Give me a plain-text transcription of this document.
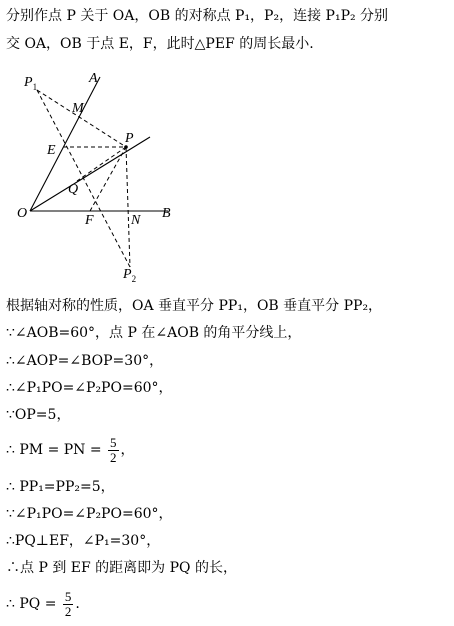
分别作点 P 关于 OA，OB 的对称点 P₁，P₂，连接 P₁P₂ 分别
交 OA，OB 于点 E，F，此时△PEF 的周长最小.
$P_1$
A
M
P
E
Q
O	F	N B
$P_2$
根据轴对称的性质，OA 垂直平分 PP₁，OB 垂直平分 PP₂，
∵∠AOB=60°，点 P 在∠AOB 的角平分线上，
∴∠AOP=∠BOP=30°，
∴∠P₁PO=∠P₂PO=60°，
∵OP=5，
∴ PM = PN = $\frac{5}{2}$ ，
∴ PP₁=PP₂=5，
∵∠P₁PO=∠P₂PO=60°，
∴PQ⊥EF，∠P₁=30°，
∴点 P 到 EF 的距离即为 PQ 的长，
∴ PQ = $\frac{5}{2}$ .
